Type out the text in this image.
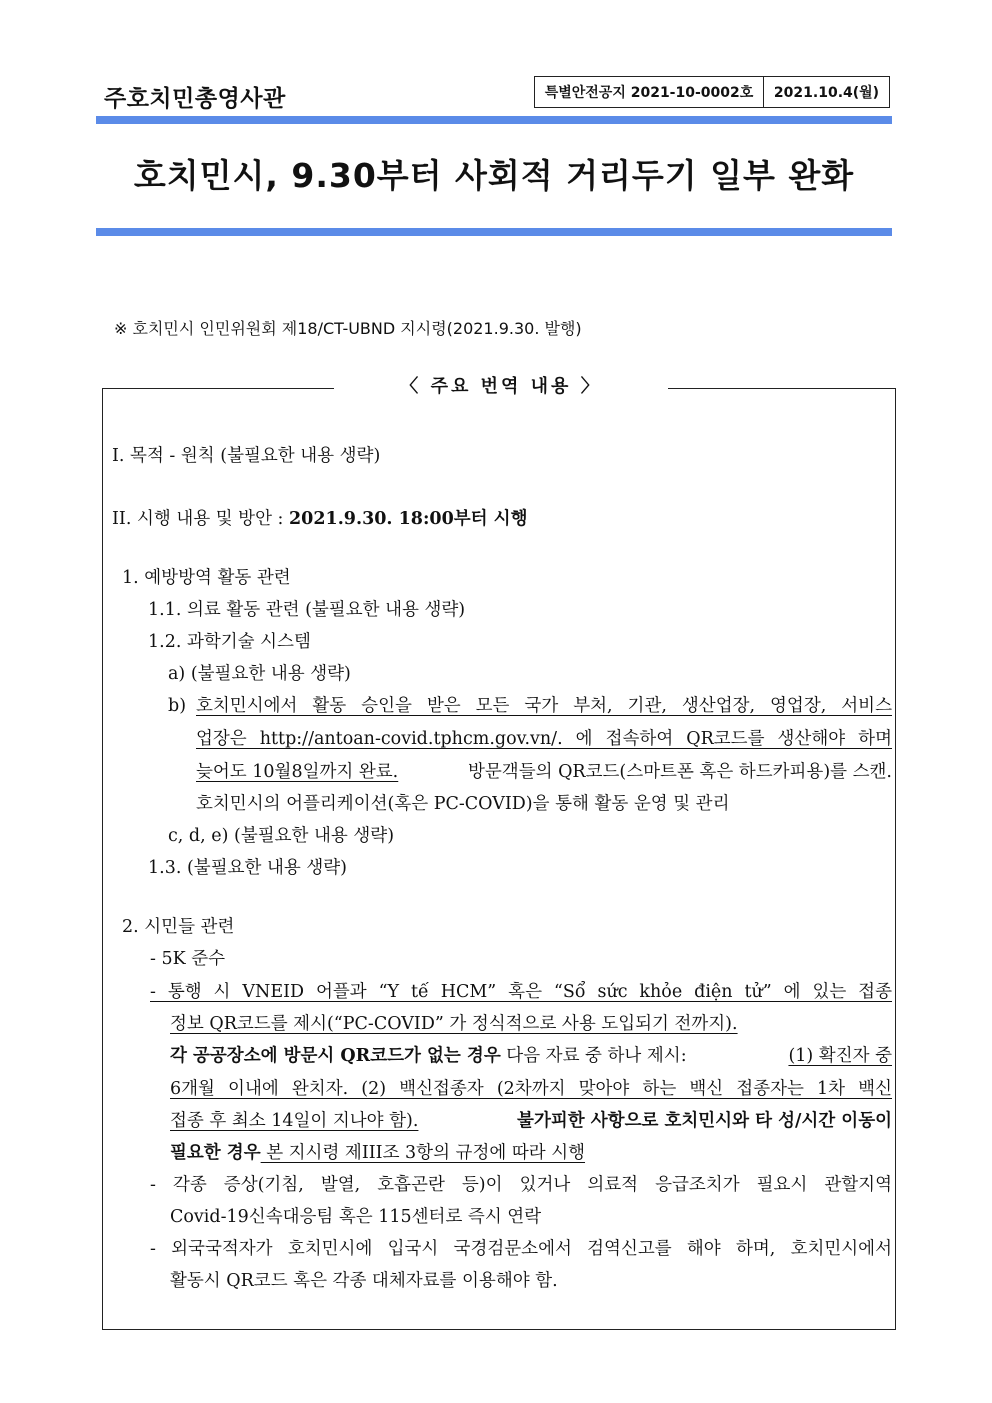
주호치민총영사관	특별안전공지 2021-10-0002호	2021.10.4(월)
호치민시, 9.30부터 사회적 거리두기 일부 완화
※ 호치민시 인민위원회 제18/CT-UBND 지시령(2021.9.30. 발행)
〈 주요 번역 내용 〉
I. 목적 - 원칙 (불필요한 내용 생략)
II. 시행 내용 및 방안 : 2021.9.30. 18:00부터 시행
1. 예방방역 활동 관련
1.1. 의료 활동 관련 (불필요한 내용 생략)
1.2. 과학기술 시스템
a) (불필요한 내용 생략)
b) 호치민시에서 활동 승인을 받은 모든 국가 부처, 기관, 생산업장, 영업장, 서비스
업장은 http://antoan-covid.tphcm.gov.vn/. 에 접속하여 QR코드를 생산해야 하며
늦어도 10월8일까지 완료.	방문객들의 QR코드(스마트폰 혹은 하드카피용)를 스캔.
호치민시의 어플리케이션(혹은 PC-COVID)을 통해 활동 운영 및 관리
c, d, e) (불필요한 내용 생략)
1.3. (불필요한 내용 생략)
2. 시민들 관련
- 5K 준수
- 통행 시 VNEID 어플과 “Y tế HCM” 혹은 “Sổ sức khỏe điện tử” 에 있는 접종
정보 QR코드를 제시(“PC-COVID” 가 정식적으로 사용 도입되기 전까지).
각 공공장소에 방문시 QR코드가 없는 경우 다음 자료 중 하나 제시:	(1) 확진자 중
6개월 이내에 완치자. (2) 백신접종자 (2차까지 맞아야 하는 백신 접종자는 1차 백신
접종 후 최소 14일이 지나야 함).	불가피한 사항으로 호치민시와 타 성/시간 이동이
필요한 경우 본 지시령 제III조 3항의 규정에 따라 시행
- 각종 증상(기침, 발열, 호흡곤란 등)이 있거나 의료적 응급조치가 필요시 관할지역
Covid-19신속대응팀 혹은 115센터로 즉시 연락
- 외국국적자가 호치민시에 입국시 국경검문소에서 검역신고를 해야 하며, 호치민시에서
활동시 QR코드 혹은 각종 대체자료를 이용해야 함.
